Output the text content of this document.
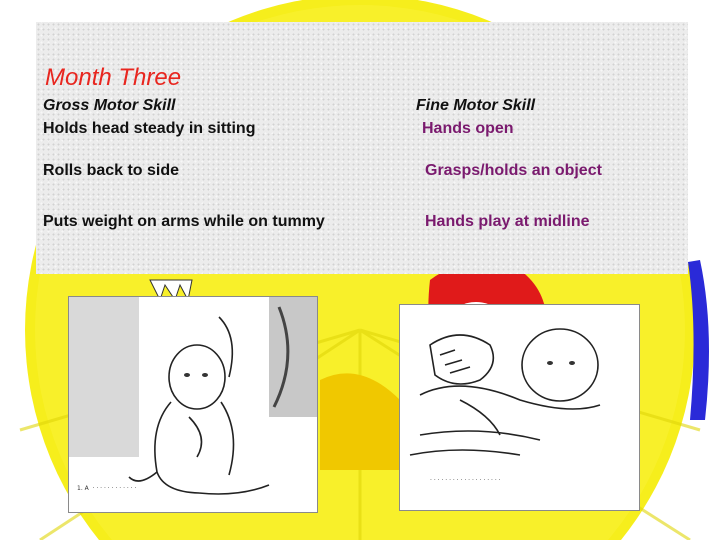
Month Three
Gross Motor Skill
Holds head steady in sitting
Rolls back to side
Puts weight on arms while on tummy
Fine Motor Skill
Hands open
Grasps/holds an object
Hands play at midline
1. A  · · · · · · · · · · · ·
· · · · · · · · · · · · · · · · · · ·
